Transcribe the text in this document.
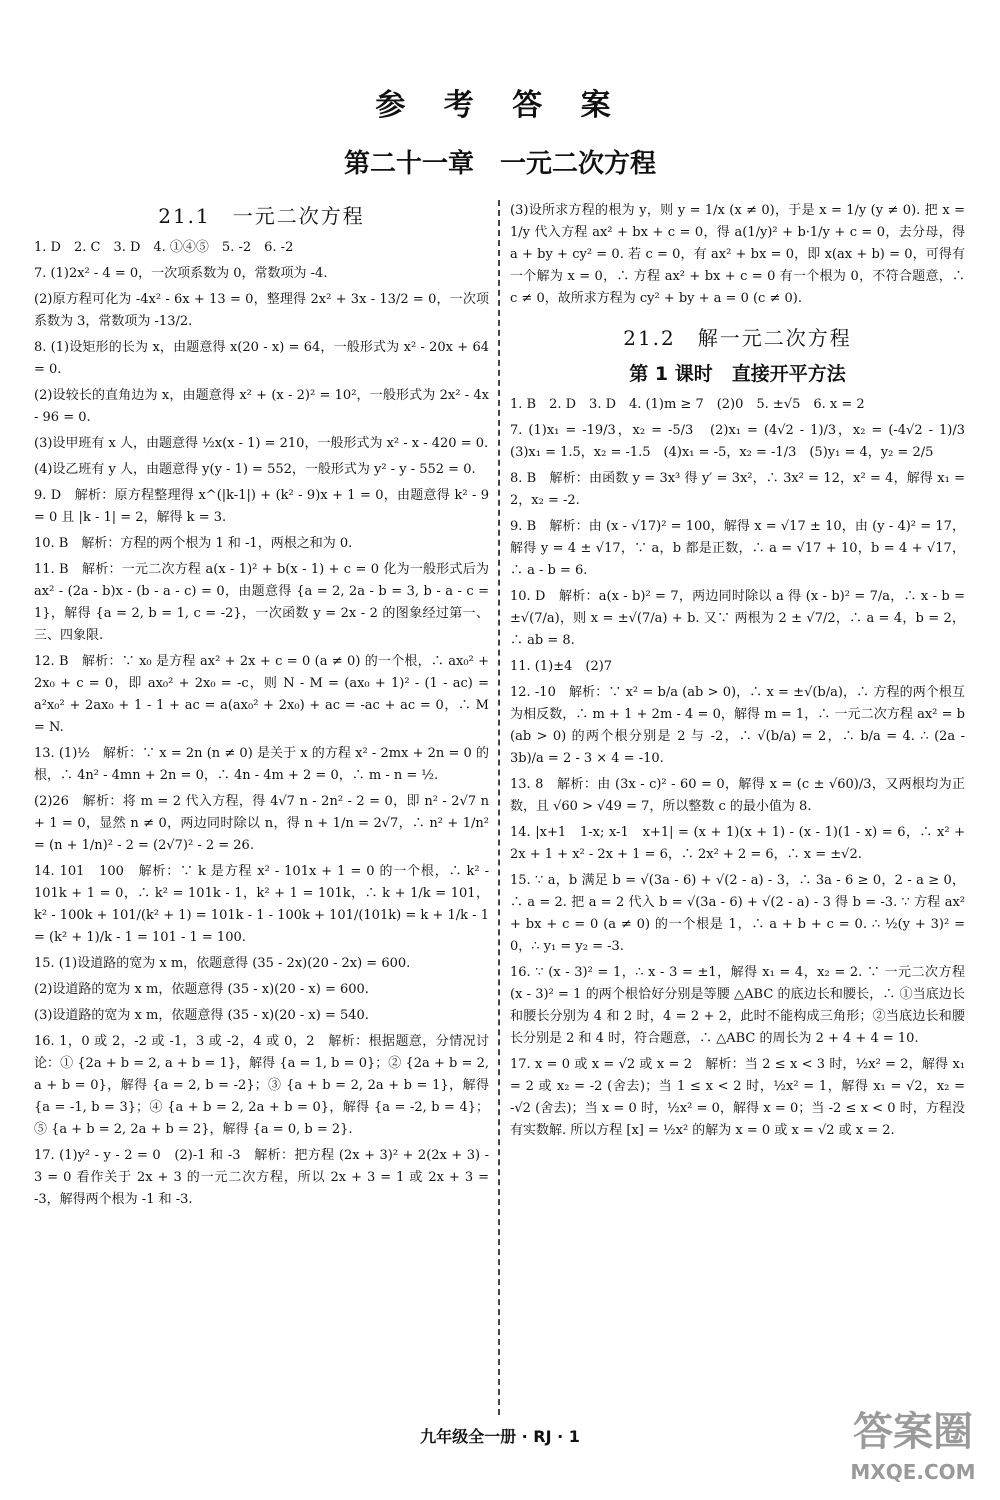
参 考 答 案
第二十一章　一元二次方程
21.1　一元二次方程
1. D　2. C　3. D　4. ①④⑤　5. -2　6. -2
7. (1)2x² - 4 = 0，一次项系数为 0，常数项为 -4.
(2)原方程可化为 -4x² - 6x + 13 = 0，整理得 2x² + 3x - 13/2 = 0，一次项系数为 3，常数项为 -13/2.
8. (1)设矩形的长为 x，由题意得 x(20 - x) = 64，一般形式为 x² - 20x + 64 = 0.
(2)设较长的直角边为 x，由题意得 x² + (x - 2)² = 10²，一般形式为 2x² - 4x - 96 = 0.
(3)设甲班有 x 人，由题意得 ½x(x - 1) = 210，一般形式为 x² - x - 420 = 0.
(4)设乙班有 y 人，由题意得 y(y - 1) = 552，一般形式为 y² - y - 552 = 0.
9. D　解析：原方程整理得 x^(|k-1|) + (k² - 9)x + 1 = 0，由题意得 k² - 9 = 0 且 |k - 1| = 2，解得 k = 3.
10. B　解析：方程的两个根为 1 和 -1，两根之和为 0.
11. B　解析：一元二次方程 a(x - 1)² + b(x - 1) + c = 0 化为一般形式后为 ax² - (2a - b)x - (b - a - c) = 0，由题意得 {a = 2, 2a - b = 3, b - a - c = 1}，解得 {a = 2, b = 1, c = -2}，一次函数 y = 2x - 2 的图象经过第一、三、四象限.
12. B　解析：∵ x₀ 是方程 ax² + 2x + c = 0 (a ≠ 0) 的一个根，∴ ax₀² + 2x₀ + c = 0，即 ax₀² + 2x₀ = -c，则 N - M = (ax₀ + 1)² - (1 - ac) = a²x₀² + 2ax₀ + 1 - 1 + ac = a(ax₀² + 2x₀) + ac = -ac + ac = 0，∴ M = N.
13. (1)½　解析：∵ x = 2n (n ≠ 0) 是关于 x 的方程 x² - 2mx + 2n = 0 的根，∴ 4n² - 4mn + 2n = 0，∴ 4n - 4m + 2 = 0，∴ m - n = ½.
(2)26　解析：将 m = 2 代入方程，得 4√7 n - 2n² - 2 = 0，即 n² - 2√7 n + 1 = 0，显然 n ≠ 0，两边同时除以 n，得 n + 1/n = 2√7，∴ n² + 1/n² = (n + 1/n)² - 2 = (2√7)² - 2 = 26.
14. 101　100　解析：∵ k 是方程 x² - 101x + 1 = 0 的一个根，∴ k² - 101k + 1 = 0，∴ k² = 101k - 1，k² + 1 = 101k，∴ k + 1/k = 101，k² - 100k + 101/(k² + 1) = 101k - 1 - 100k + 101/(101k) = k + 1/k - 1 = (k² + 1)/k - 1 = 101 - 1 = 100.
15. (1)设道路的宽为 x m，依题意得 (35 - 2x)(20 - 2x) = 600.
(2)设道路的宽为 x m，依题意得 (35 - x)(20 - x) = 600.
(3)设道路的宽为 x m，依题意得 (35 - x)(20 - x) = 540.
16. 1，0 或 2，-2 或 -1，3 或 -2，4 或 0，2　解析：根据题意，分情况讨论：① {2a + b = 2, a + b = 1}，解得 {a = 1, b = 0}；② {2a + b = 2, a + b = 0}，解得 {a = 2, b = -2}；③ {a + b = 2, 2a + b = 1}，解得 {a = -1, b = 3}；④ {a + b = 2, 2a + b = 0}，解得 {a = -2, b = 4}；⑤ {a + b = 2, 2a + b = 2}，解得 {a = 0, b = 2}.
17. (1)y² - y - 2 = 0　(2)-1 和 -3　解析：把方程 (2x + 3)² + 2(2x + 3) - 3 = 0 看作关于 2x + 3 的一元二次方程，所以 2x + 3 = 1 或 2x + 3 = -3，解得两个根为 -1 和 -3.
(3)设所求方程的根为 y，则 y = 1/x (x ≠ 0)，于是 x = 1/y (y ≠ 0). 把 x = 1/y 代入方程 ax² + bx + c = 0，得 a(1/y)² + b·1/y + c = 0，去分母，得 a + by + cy² = 0. 若 c = 0，有 ax² + bx = 0，即 x(ax + b) = 0，可得有一个解为 x = 0，∴ 方程 ax² + bx + c = 0 有一个根为 0，不符合题意，∴ c ≠ 0，故所求方程为 cy² + by + a = 0 (c ≠ 0).
21.2　解一元二次方程
第 1 课时　直接开平方法
1. B　2. D　3. D　4. (1)m ≥ 7　(2)0　5. ±√5　6. x = 2
7. (1)x₁ = -19/3，x₂ = -5/3　(2)x₁ = (4√2 - 1)/3，x₂ = (-4√2 - 1)/3　(3)x₁ = 1.5，x₂ = -1.5　(4)x₁ = -5，x₂ = -1/3　(5)y₁ = 4，y₂ = 2/5
8. B　解析：由函数 y = 3x³ 得 y′ = 3x²，∴ 3x² = 12，x² = 4，解得 x₁ = 2，x₂ = -2.
9. B　解析：由 (x - √17)² = 100，解得 x = √17 ± 10，由 (y - 4)² = 17，解得 y = 4 ± √17，∵ a，b 都是正数，∴ a = √17 + 10，b = 4 + √17，∴ a - b = 6.
10. D　解析：a(x - b)² = 7，两边同时除以 a 得 (x - b)² = 7/a，∴ x - b = ±√(7/a)，则 x = ±√(7/a) + b. 又∵ 两根为 2 ± √7/2，∴ a = 4，b = 2，∴ ab = 8.
11. (1)±4　(2)7
12. -10　解析：∵ x² = b/a (ab > 0)，∴ x = ±√(b/a)，∴ 方程的两个根互为相反数，∴ m + 1 + 2m - 4 = 0，解得 m = 1，∴ 一元二次方程 ax² = b (ab > 0) 的两个根分别是 2 与 -2，∴ √(b/a) = 2，∴ b/a = 4. ∴ (2a - 3b)/a = 2 - 3 × 4 = -10.
13. 8　解析：由 (3x - c)² - 60 = 0，解得 x = (c ± √60)/3，又两根均为正数，且 √60 > √49 = 7，所以整数 c 的最小值为 8.
14. |x+1　1-x; x-1　x+1| = (x + 1)(x + 1) - (x - 1)(1 - x) = 6，∴ x² + 2x + 1 + x² - 2x + 1 = 6，∴ 2x² + 2 = 6，∴ x = ±√2.
15. ∵ a，b 满足 b = √(3a - 6) + √(2 - a) - 3，∴ 3a - 6 ≥ 0，2 - a ≥ 0，∴ a = 2. 把 a = 2 代入 b = √(3a - 6) + √(2 - a) - 3 得 b = -3. ∵ 方程 ax² + bx + c = 0 (a ≠ 0) 的一个根是 1，∴ a + b + c = 0. ∴ ½(y + 3)² = 0，∴ y₁ = y₂ = -3.
16. ∵ (x - 3)² = 1，∴ x - 3 = ±1，解得 x₁ = 4，x₂ = 2. ∵ 一元二次方程 (x - 3)² = 1 的两个根恰好分别是等腰 △ABC 的底边长和腰长，∴ ①当底边长和腰长分别为 4 和 2 时，4 = 2 + 2，此时不能构成三角形；②当底边长和腰长分别是 2 和 4 时，符合题意，∴ △ABC 的周长为 2 + 4 + 4 = 10.
17. x = 0 或 x = √2 或 x = 2　解析：当 2 ≤ x < 3 时，½x² = 2，解得 x₁ = 2 或 x₂ = -2 (舍去)；当 1 ≤ x < 2 时，½x² = 1，解得 x₁ = √2，x₂ = -√2 (舍去)；当 x = 0 时，½x² = 0，解得 x = 0；当 -2 ≤ x < 0 时，方程没有实数解. 所以方程 [x] = ½x² 的解为 x = 0 或 x = √2 或 x = 2.
九年级全一册 · RJ · 1	答案圈
MXQE.COM
